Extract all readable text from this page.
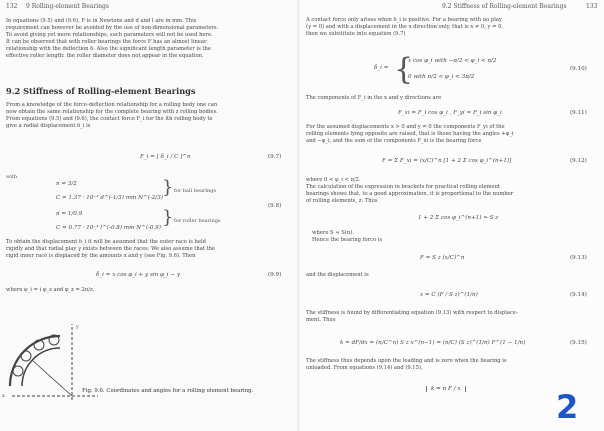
132 9 Rolling-element Bearings
In equations (9.5) and (9.6), F is in Newtons and d and l are in mm. This
requirement can however be avoided by the use of non-dimensional parameters.
To avoid giving yet more relationships, such parameters will not be used here.
It can be observed that with roller bearings the force F has an almost linear
relationship with the deflection δ. Also the significant length parameter is the
effective roller length: the roller diameter does not appear in the equation.
9.2 Stiffness of Rolling-element Bearings
From a knowledge of the force-deflection relationship for a rolling body one can
now obtain the same relationship for the complete bearing with z rolling bodies.
From equations (9.5) and (9.6), the contact force F_i for the ith rolling body to
give a radial displacement δ_i is
F_i = [ δ_i / C ]^n	(9.7)
with
n = 3/2
C = 1.37 · 10⁻³ d^(-1/3) mm N^(-2/3) } for ball bearings
(9.8)
n = 1/0.9
C = 0.77 · 10⁻⁴ l^(-0.8) mm N^(-0.9) } for roller bearings
To obtain the displacement δ_i it will be assumed that the outer race is held
rigidly and that radial play γ exists between the races. We also assume that the
rigid inner race is displaced by the amounts x and y (see Fig. 9.6). Then
δ_i = x cos φ_i + y sin φ_i − γ	(9.9)
where φ_i = i φ_z and φ_z = 2π/z.
x
y
Fig. 9.6. Coordinates and angles for a rolling element bearing.
9.2 Stiffness of Rolling-element Bearings	133
A contact force only arises when δ_i is positive. For a bearing with no play
(γ = 0) and with a displacement in the x direction only, that is x ≠ 0, y = 0,
then we substitute into equation (9.7)
δ_i = {
x cos φ_i with −π/2 < φ_i < π/2
0 with π/2 < φ_i < 3π/2
(9.10)
The components of F_i in the x and y directions are
F_xi = F_i cos φ_i , F_yi = F_i sin φ_i	(9.11)
For the assumed displacements x > 0 and y = 0 the components F_yi of the
rolling elements lying opposite are raised, that is those having the angles +φ_i
and −φ_i, and the sum of the components F_xi is the bearing force
F = Σ F_xi = (x/C)^n [1 + 2 Σ cos φ_i^(n+1)]	(9.12)
where 0 < φ_i < π/2.
The calculation of the expression in brackets for practical rolling element
bearings shows that, to a good approximation, it is proportional to the number
of rolling elements, z. Thus
1 + 2 Σ cos φ_i^(n+1) ≈ S z
where S ≈ S(n).
Hence the bearing force is
F = S z (x/C)^n	(9.13)
and the displacement is
x = C (F / S z)^(1/n)	(9.14)
The stiffness is found by differentiating equation (9.13) with respect to displace-
ment. Thus
k = dF/dx = (n/C^n) S z x^(n−1) = (n/C) (S z)^(1/n) F^(1 − 1/n)	(9.15)
The stiffness thus depends upon the loading and is zero when the bearing is
unloaded. From equations (9.14) and (9.15),
k = n F / x	2
